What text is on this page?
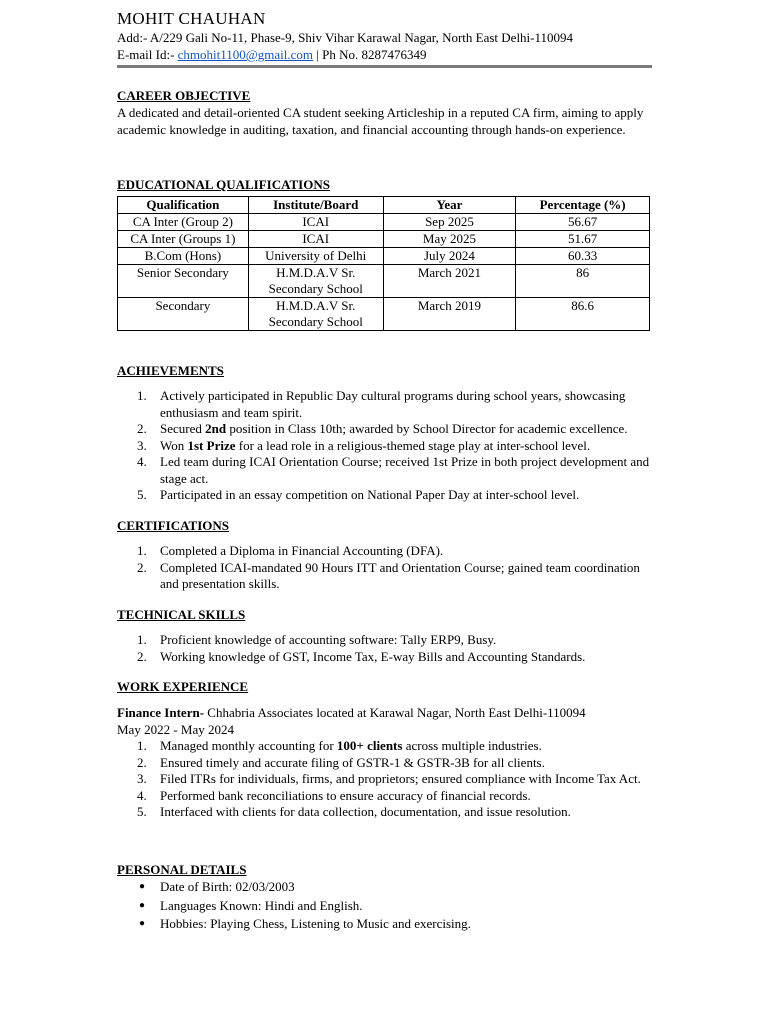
MOHIT CHAUHAN
Add:- A/229 Gali No-11, Phase-9, Shiv Vihar Karawal Nagar, North East Delhi-110094
E-mail Id:- chmohit1100@gmail.com | Ph No. 8287476349
CAREER OBJECTIVE

A dedicated and detail-oriented CA student seeking Articleship in a reputed CA firm, aiming to apply academic knowledge in auditing, taxation, and financial accounting through hands-on experience.

EDUCATIONAL QUALIFICATIONS
Qualification	Institute/Board	Year	Percentage (%)
CA Inter (Group 2)	ICAI	Sep 2025	56.67
CA Inter (Groups 1)	ICAI	May 2025	51.67
B.Com (Hons)	University of Delhi	July 2024	60.33
Senior Secondary	H.M.D.A.V Sr. Secondary School	March 2021	86
Secondary	H.M.D.A.V Sr. Secondary School	March 2019	86.6
ACHIEVEMENTS
1. Actively participated in Republic Day cultural programs during school years, showcasing enthusiasm and team spirit.
2. Secured 2nd position in Class 10th; awarded by School Director for academic excellence.
3. Won 1st Prize for a lead role in a religious-themed stage play at inter-school level.
4. Led team during ICAI Orientation Course; received 1st Prize in both project development and stage act.
5. Participated in an essay competition on National Paper Day at inter-school level.
CERTIFICATIONS
1. Completed a Diploma in Financial Accounting (DFA).
2. Completed ICAI-mandated 90 Hours ITT and Orientation Course; gained team coordination and presentation skills.
TECHNICAL SKILLS
1. Proficient knowledge of accounting software: Tally ERP9, Busy.
2. Working knowledge of GST, Income Tax, E-way Bills and Accounting Standards.
WORK EXPERIENCE
Finance Intern- Chhabria Associates located at Karawal Nagar, North East Delhi-110094
May 2022 - May 2024
1. Managed monthly accounting for 100+ clients across multiple industries.
2. Ensured timely and accurate filing of GSTR-1 & GSTR-3B for all clients.
3. Filed ITRs for individuals, firms, and proprietors; ensured compliance with Income Tax Act.
4. Performed bank reconciliations to ensure accuracy of financial records.
5. Interfaced with clients for data collection, documentation, and issue resolution.
PERSONAL DETAILS
● Date of Birth: 02/03/2003
● Languages Known: Hindi and English.
● Hobbies: Playing Chess, Listening to Music and exercising.
